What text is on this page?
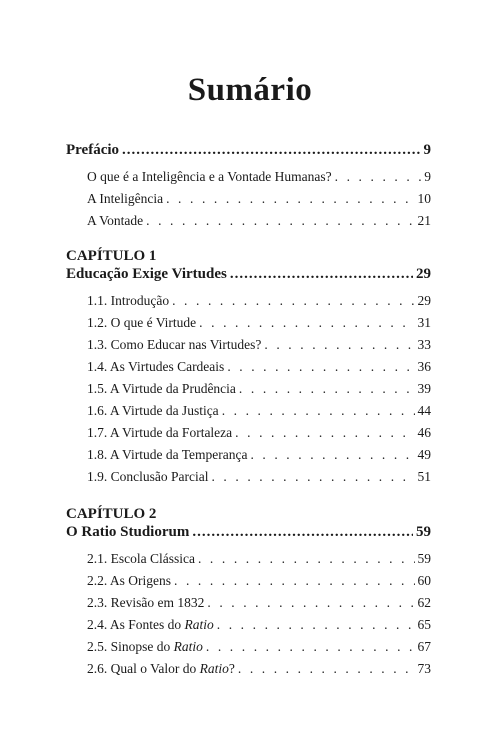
Sumário
Prefácio .....	9
O que é a Inteligência e a Vontade Humanas? . . .	9
A Inteligência . . .	10
A Vontade . . .	21
CAPÍTULO 1
Educação Exige Virtudes .....	29
1.1. Introdução . . .	29
1.2. O que é Virtude . . .	31
1.3. Como Educar nas Virtudes? . . .	33
1.4. As Virtudes Cardeais . . .	36
1.5. A Virtude da Prudência . . .	39
1.6. A Virtude da Justiça . . .	44
1.7. A Virtude da Fortaleza . . .	46
1.8. A Virtude da Temperança . . .	49
1.9. Conclusão Parcial . . .	51
CAPÍTULO 2
O Ratio Studiorum .....	59
2.1. Escola Clássica . . .	59
2.2. As Origens . . .	60
2.3. Revisão em 1832 . . .	62
2.4. As Fontes do Ratio . . .	65
2.5. Sinopse do Ratio . . .	67
2.6. Qual o Valor do Ratio? . . .	73
